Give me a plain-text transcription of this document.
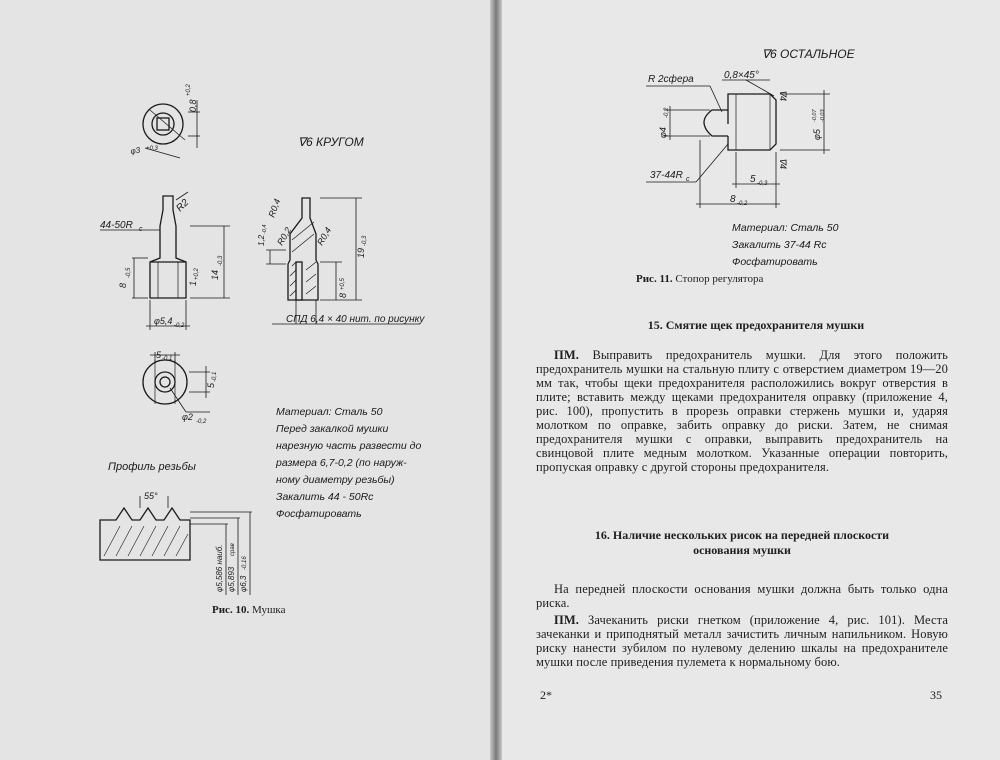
∇6 КРУГОМ
φ3 +0,3
0,8
+0,2
44-50R c
R2
8
-0,5
1
+0,2 14
-0,3
φ5,4 -0,2
R0,4
R0,4
R0,2
1,2
-0,4
8
+0,5
19
-0,3
СПД 6,4 × 40 нит. по рисунку
5 -0,1
5
-0,1
φ2 -0,2
Профиль резьбы
55°
φ5,586 наиб. φ5,893
срав
φ6,3
-0,16
Материал: Сталь 50
Перед закалкой мушки
нарезную часть развести до
размера 6,7-0,2 (по наруж-
ному диаметру резьбы)
Закалить 44 - 50Rc
Фосфатировать
Рис. 10. Мушка
∇6 ОСТАЛЬНОЕ
R 2сфера	0,8×45°
∇4
∇4
φ4
-0,2
φ5
-0,07 -0,03
37-44R c	5 -0,3
8 -0,2
Материал: Сталь 50
Закалить 37-44 Rc
Фосфатировать
Рис. 11. Стопор регулятора
15. Смятие щек предохранителя мушки

ПМ. Выправить предохранитель мушки. Для этого положить предохранитель мушки на стальную плиту с отверстием диаметром 19—20 мм так, чтобы щеки предохранителя расположились вокруг отверстия в плите; вставить между щеками предохранителя оправку (приложение 4, рис. 100), пропустить в прорезь оправки стержень мушки и, ударяя молотком по оправке, забить оправку до риски. Затем, не снимая предохранителя мушки с оправки, выправить предохранитель на свинцовой плите медным молотком. Указанные операции повторить, пропуская оправку с другой стороны предохранителя.

16. Наличие нескольких рисок на передней плоскости
основания мушки

На передней плоскости основания мушки должна быть только одна риска.

ПМ. Зачеканить риски гнетком (приложение 4, рис. 101). Места зачеканки и приподнятый металл зачистить личным напильником. Новую риску нанести зубилом по нулевому делению шкалы на предохранителе мушки после приведения пулемета к нормальному бою.

2*	35
